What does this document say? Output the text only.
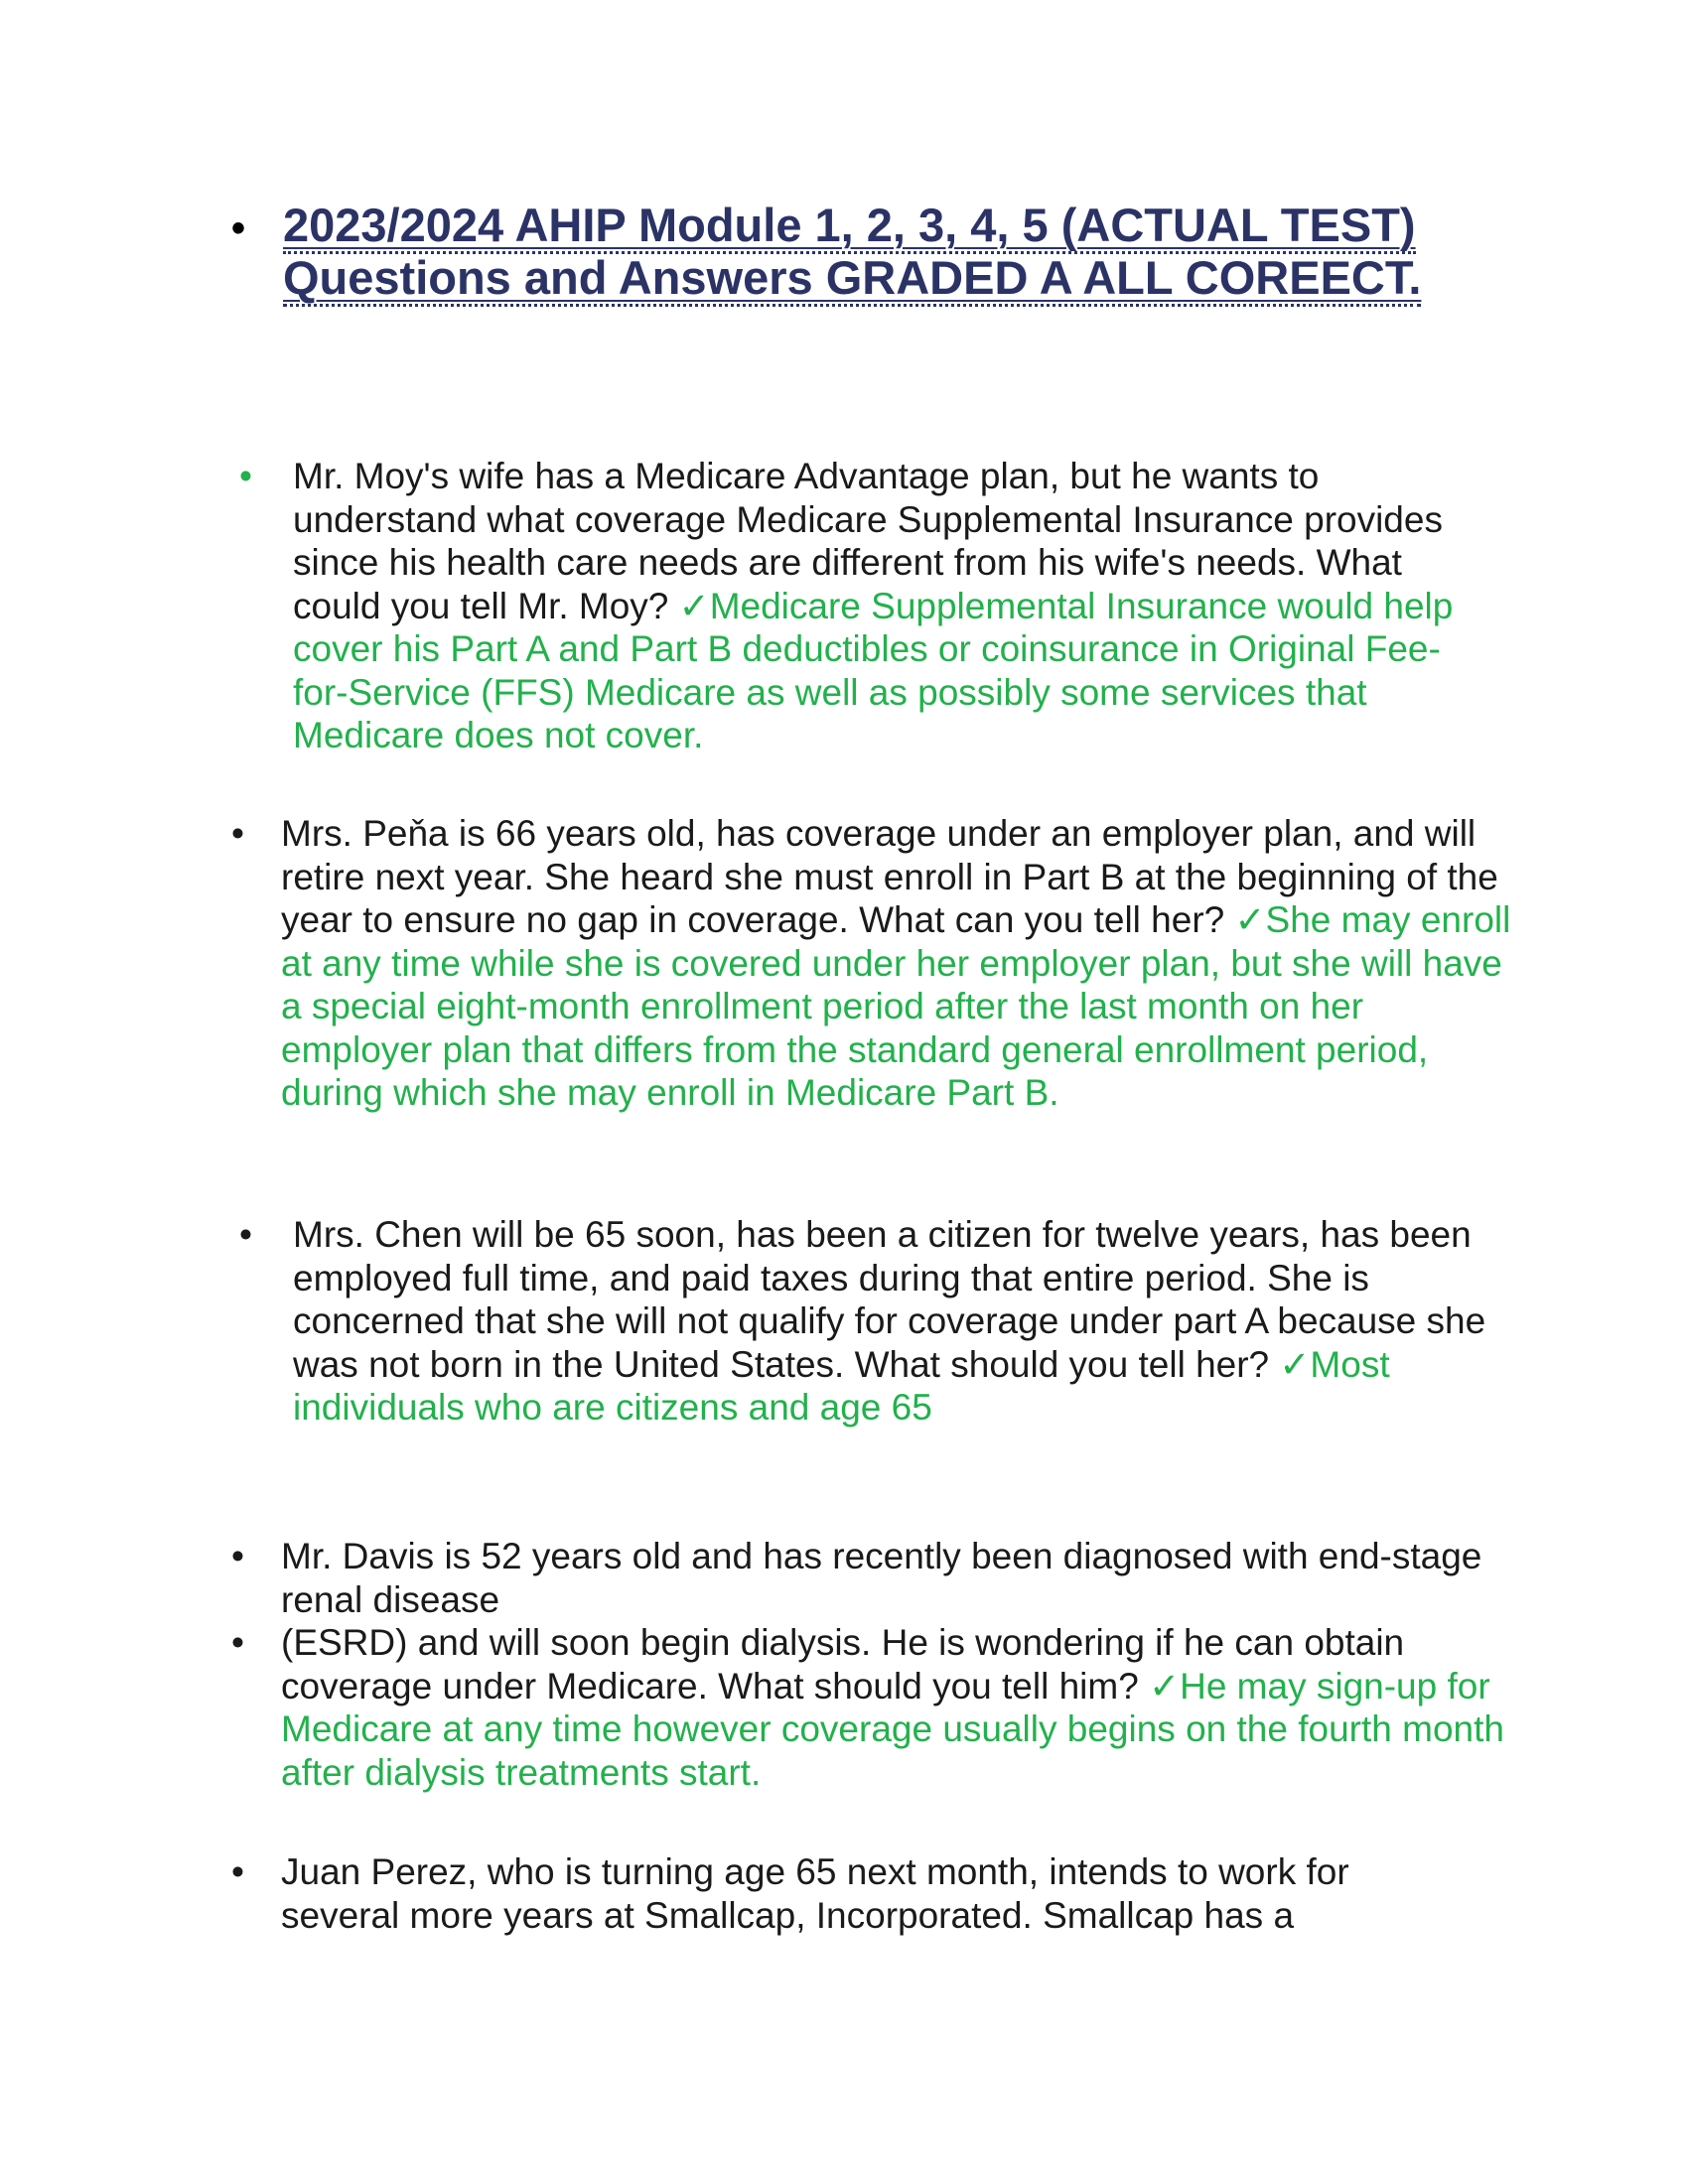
• 2023/2024 AHIP Module 1, 2, 3, 4, 5 (ACTUAL TEST) Questions and Answers GRADED A ALL COREECT.
•	Mr. Moy's wife has a Medicare Advantage plan, but he wants to understand what coverage Medicare Supplemental Insurance provides since his health care needs are different from his wife's needs. What could you tell Mr. Moy? ✓Medicare Supplemental Insurance would help cover his Part A and Part B deductibles or coinsurance in Original Fee-for-Service (FFS) Medicare as well as possibly some services that Medicare does not cover.
•	Mrs. Peňa is 66 years old, has coverage under an employer plan, and will retire next year. She heard she must enroll in Part B at the beginning of the year to ensure no gap in coverage. What can you tell her? ✓She may enroll at any time while she is covered under her employer plan, but she will have a special eight-month enrollment period after the last month on her employer plan that differs from the standard general enrollment period, during which she may enroll in Medicare Part B.
•	Mrs. Chen will be 65 soon, has been a citizen for twelve years, has been employed full time, and paid taxes during that entire period. She is concerned that she will not qualify for coverage under part A because she was not born in the United States. What should you tell her? ✓Most individuals who are citizens and age 65
•	Mr. Davis is 52 years old and has recently been diagnosed with end-stage renal disease
•	(ESRD) and will soon begin dialysis. He is wondering if he can obtain coverage under Medicare. What should you tell him? ✓He may sign-up for Medicare at any time however coverage usually begins on the fourth month after dialysis treatments start.
•	Juan Perez, who is turning age 65 next month, intends to work for several more years at Smallcap, Incorporated. Smallcap has a
